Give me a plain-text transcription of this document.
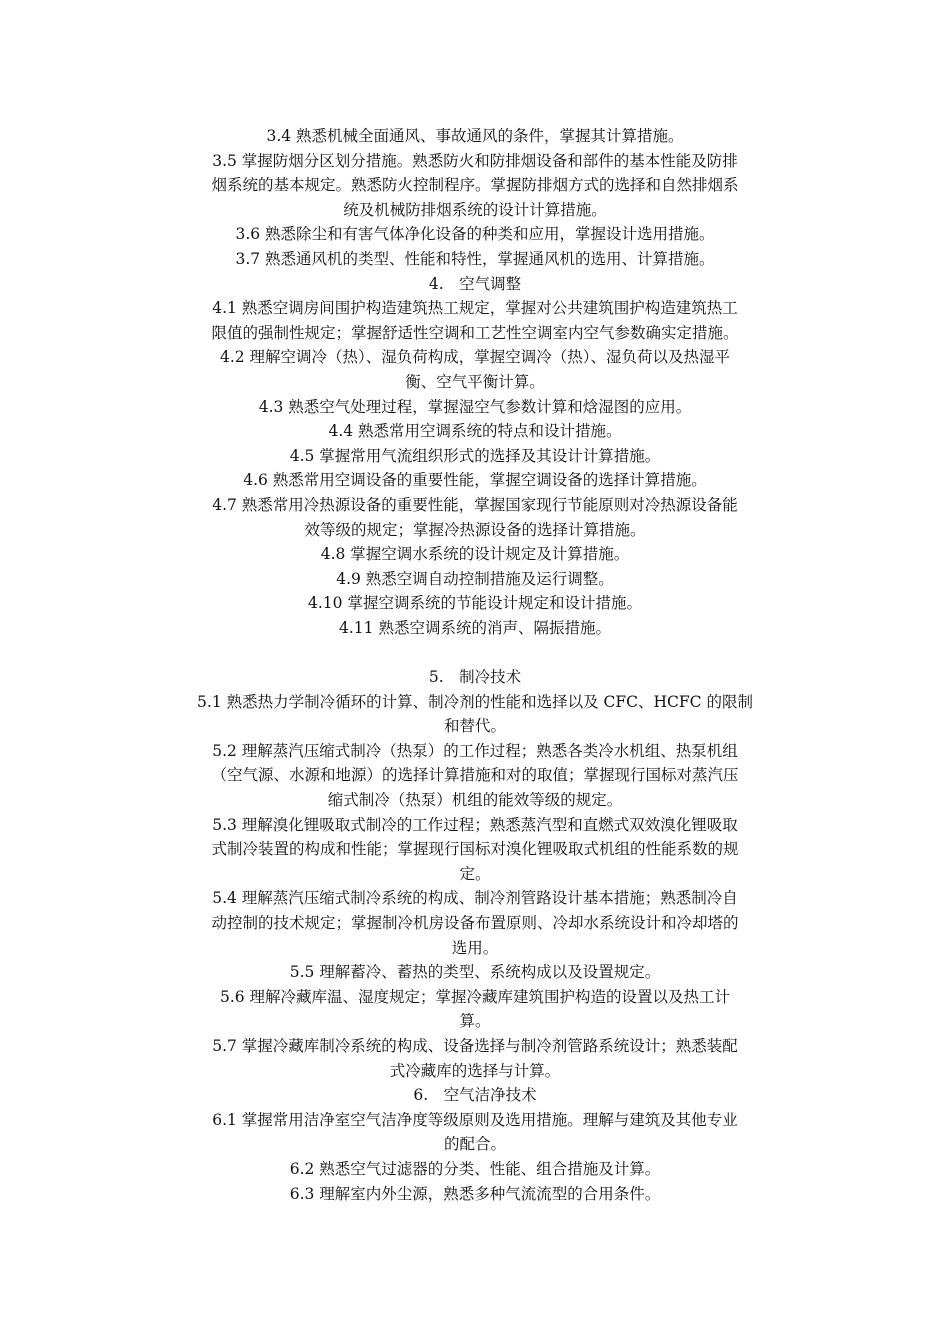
3.4 熟悉机械全面通风、事故通风的条件，掌握其计算措施。
3.5 掌握防烟分区划分措施。熟悉防火和防排烟设备和部件的基本性能及防排
烟系统的基本规定。熟悉防火控制程序。掌握防排烟方式的选择和自然排烟系
统及机械防排烟系统的设计计算措施。
3.6 熟悉除尘和有害气体净化设备的种类和应用，掌握设计选用措施。
3.7 熟悉通风机的类型、性能和特性，掌握通风机的选用、计算措施。
4.　空气调整
4.1 熟悉空调房间围护构造建筑热工规定，掌握对公共建筑围护构造建筑热工
限值的强制性规定；掌握舒适性空调和工艺性空调室内空气参数确实定措施。
4.2 理解空调冷（热）、湿负荷构成，掌握空调冷（热）、湿负荷以及热湿平
衡、空气平衡计算。
4.3 熟悉空气处理过程，掌握湿空气参数计算和焓湿图的应用。
4.4 熟悉常用空调系统的特点和设计措施。
4.5 掌握常用气流组织形式的选择及其设计计算措施。
4.6 熟悉常用空调设备的重要性能，掌握空调设备的选择计算措施。
4.7 熟悉常用冷热源设备的重要性能，掌握国家现行节能原则对冷热源设备能
效等级的规定；掌握冷热源设备的选择计算措施。
4.8 掌握空调水系统的设计规定及计算措施。
4.9 熟悉空调自动控制措施及运行调整。
4.10 掌握空调系统的节能设计规定和设计措施。
4.11 熟悉空调系统的消声、隔振措施。
5.　制冷技术
5.1 熟悉热力学制冷循环的计算、制冷剂的性能和选择以及 CFC、HCFC 的限制
和替代。
5.2 理解蒸汽压缩式制冷（热泵）的工作过程；熟悉各类冷水机组、热泵机组
（空气源、水源和地源）的选择计算措施和对的取值；掌握现行国标对蒸汽压
缩式制冷（热泵）机组的能效等级的规定。
5.3 理解溴化锂吸取式制冷的工作过程；熟悉蒸汽型和直燃式双效溴化锂吸取
式制冷装置的构成和性能；掌握现行国标对溴化锂吸取式机组的性能系数的规
定。
5.4 理解蒸汽压缩式制冷系统的构成、制冷剂管路设计基本措施；熟悉制冷自
动控制的技术规定；掌握制冷机房设备布置原则、冷却水系统设计和冷却塔的
选用。
5.5 理解蓄冷、蓄热的类型、系统构成以及设置规定。
5.6 理解冷藏库温、湿度规定；掌握冷藏库建筑围护构造的设置以及热工计
算。
5.7 掌握冷藏库制冷系统的构成、设备选择与制冷剂管路系统设计；熟悉装配
式冷藏库的选择与计算。
6.　空气洁净技术
6.1 掌握常用洁净室空气洁净度等级原则及选用措施。理解与建筑及其他专业
的配合。
6.2 熟悉空气过滤器的分类、性能、组合措施及计算。
6.3 理解室内外尘源，熟悉多种气流流型的合用条件。
